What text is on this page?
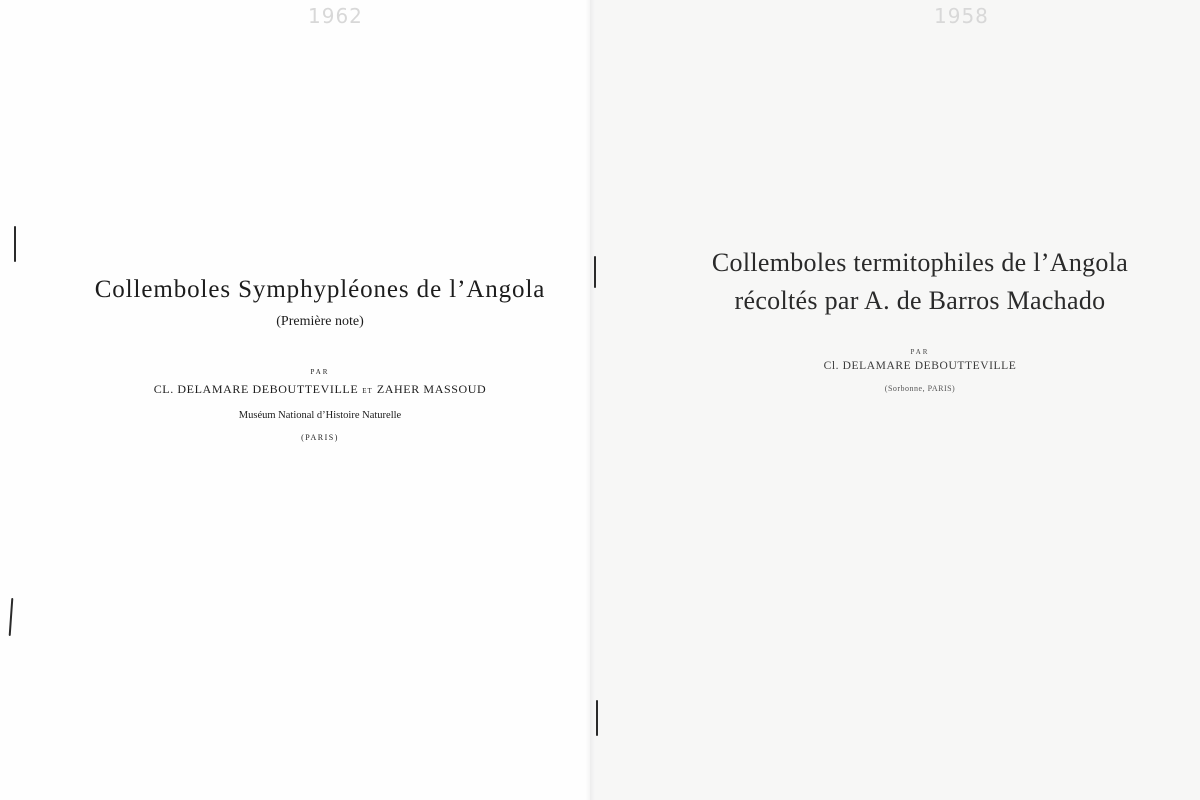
1962
Collemboles Symphypléones de l’Angola
(Première note)
PAR
CL. DELAMARE DEBOUTTEVILLE ET ZAHER MASSOUD
Muséum National d’Histoire Naturelle
(PARIS)
1958
Collemboles termitophiles de l’Angola
récoltés par A. de Barros Machado
PAR
Cl. DELAMARE DEBOUTTEVILLE
(Sorbonne, PARIS)
